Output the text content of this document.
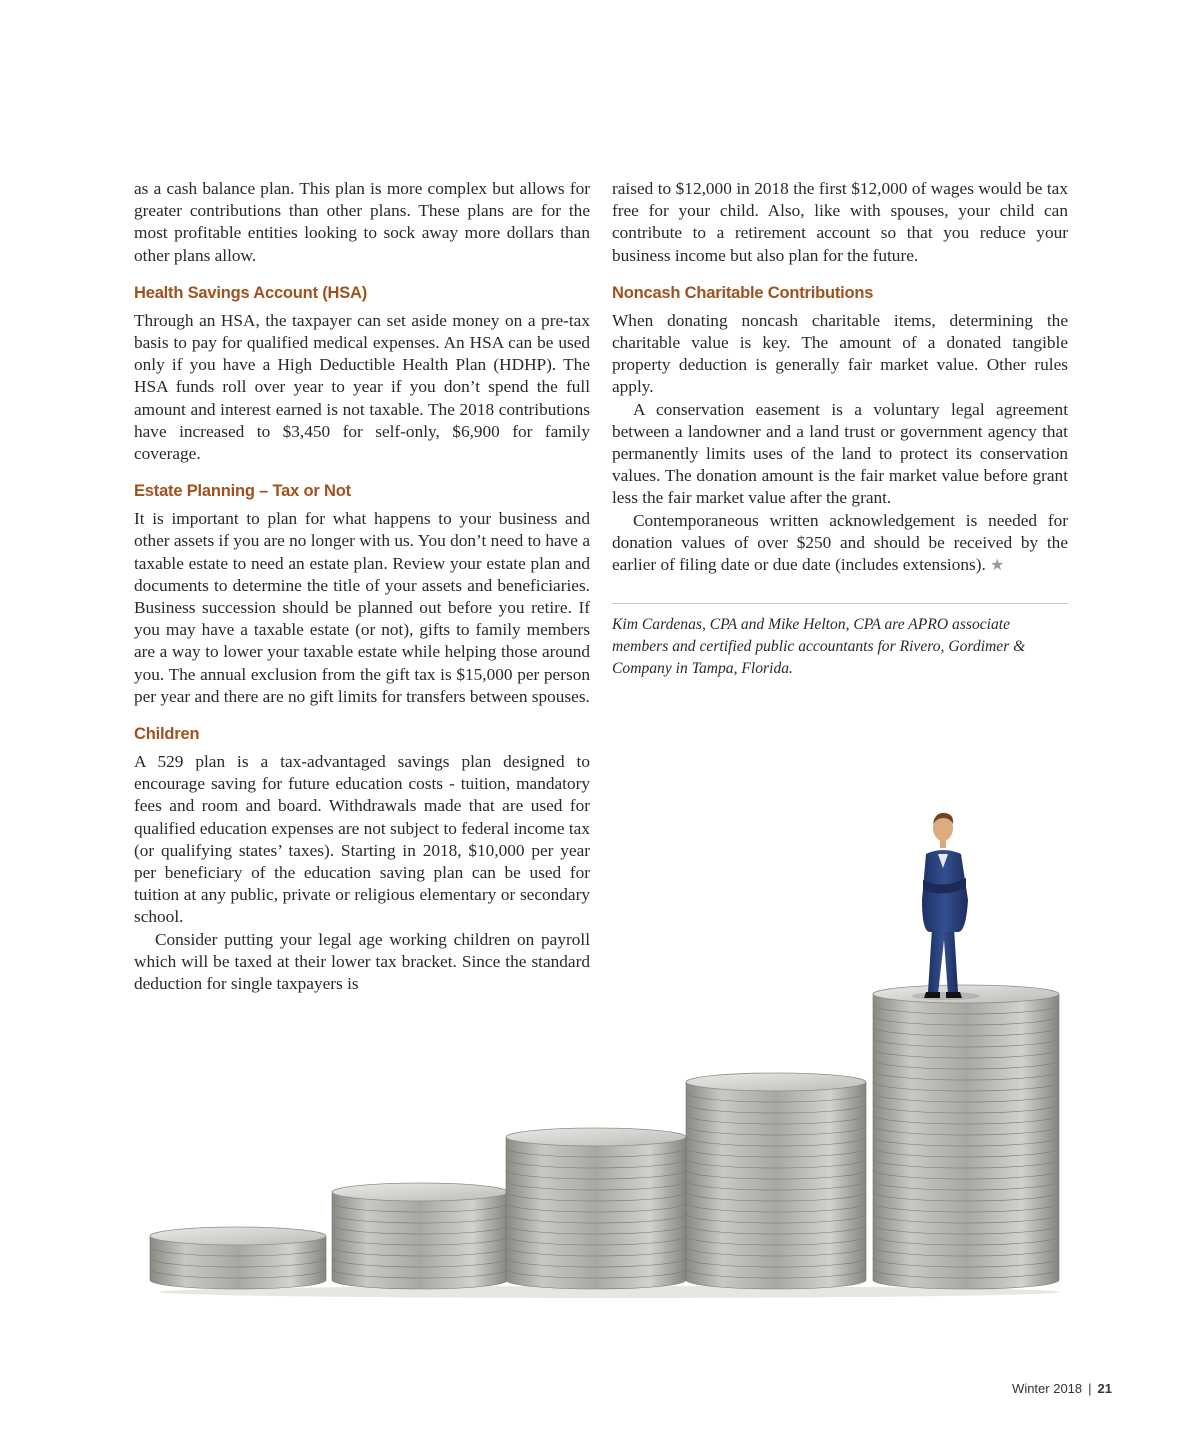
as a cash balance plan. This plan is more complex but allows for greater contributions than other plans. These plans are for the most profitable entities looking to sock away more dollars than other plans allow.

Health Savings Account (HSA)

Through an HSA, the taxpayer can set aside money on a pre-tax basis to pay for qualified medical expenses. An HSA can be used only if you have a High Deductible Health Plan (HDHP). The HSA funds roll over year to year if you don’t spend the full amount and interest earned is not taxable. The 2018 contributions have increased to $3,450 for self-only, $6,900 for family coverage.

Estate Planning – Tax or Not

It is important to plan for what happens to your business and other assets if you are no longer with us. You don’t need to have a taxable estate to need an estate plan. Review your estate plan and documents to determine the title of your assets and beneficiaries. Business succession should be planned out before you retire. If you may have a taxable estate (or not), gifts to family members are a way to lower your taxable estate while helping those around you. The annual exclusion from the gift tax is $15,000 per person per year and there are no gift limits for transfers between spouses.

Children

A 529 plan is a tax-advantaged savings plan designed to encourage saving for future education costs - tuition, mandatory fees and room and board. Withdrawals made that are used for qualified education expenses are not subject to federal income tax (or qualifying states’ taxes). Starting in 2018, $10,000 per year per beneficiary of the education saving plan can be used for tuition at any public, private or religious elementary or secondary school.

Consider putting your legal age working children on payroll which will be taxed at their lower tax bracket. Since the standard deduction for single taxpayers is

raised to $12,000 in 2018 the first $12,000 of wages would be tax free for your child. Also, like with spouses, your child can contribute to a retirement account so that you reduce your business income but also plan for the future.

Noncash Charitable Contributions

When donating noncash charitable items, determining the charitable value is key. The amount of a donated tangible property deduction is generally fair market value. Other rules apply.

A conservation easement is a voluntary legal agreement between a landowner and a land trust or government agency that permanently limits uses of the land to protect its conservation values. The donation amount is the fair market value before grant less the fair market value after the grant.

Contemporaneous written acknowledgement is needed for donation values of over $250 and should be received by the earlier of filing date or due date (includes extensions). ★

Kim Cardenas, CPA and Mike Helton, CPA are APRO associate members and certified public accountants for Rivero, Gordimer & Company in Tampa, Florida.

Winter 2018 | 21
